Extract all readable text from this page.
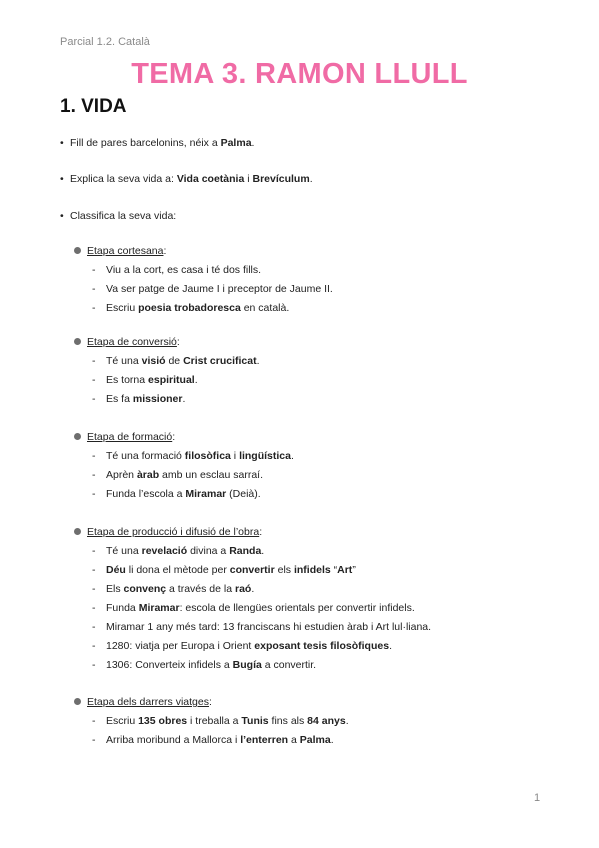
Parcial 1.2. Català
TEMA 3. RAMON LLULL
1. VIDA
• Fill de pares barcelonins, néix a Palma.
• Explica la seva vida a: Vida coetània i Brevículum.
• Classifica la seva vida:
Etapa cortesana:
- Viu a la cort, es casa i té dos fills.
- Va ser patge de Jaume I i preceptor de Jaume II.
- Escriu poesia trobadoresca en català.
Etapa de conversió:
- Té una visió de Crist crucificat.
- Es torna espiritual.
- Es fa missioner.
Etapa de formació:
- Té una formació filosòfica i lingüística.
- Aprèn àrab amb un esclau sarraí.
- Funda l’escola a Miramar (Deià).
Etapa de producció i difusió de l’obra:
- Té una revelació divina a Randa.
- Déu li dona el mètode per convertir els infidels “Art”
- Els convenç a través de la raó.
- Funda Miramar: escola de llengües orientals per convertir infidels.
- Miramar 1 any més tard: 13 franciscans hi estudien àrab i Art lul·liana.
- 1280: viatja per Europa i Orient exposant tesis filosòfiques.
- 1306: Converteix infidels a Bugía a convertir.
Etapa dels darrers viatges:
- Escriu 135 obres i treballa a Tunis fins als 84 anys.
- Arriba moribund a Mallorca i l’enterren a Palma.
1
